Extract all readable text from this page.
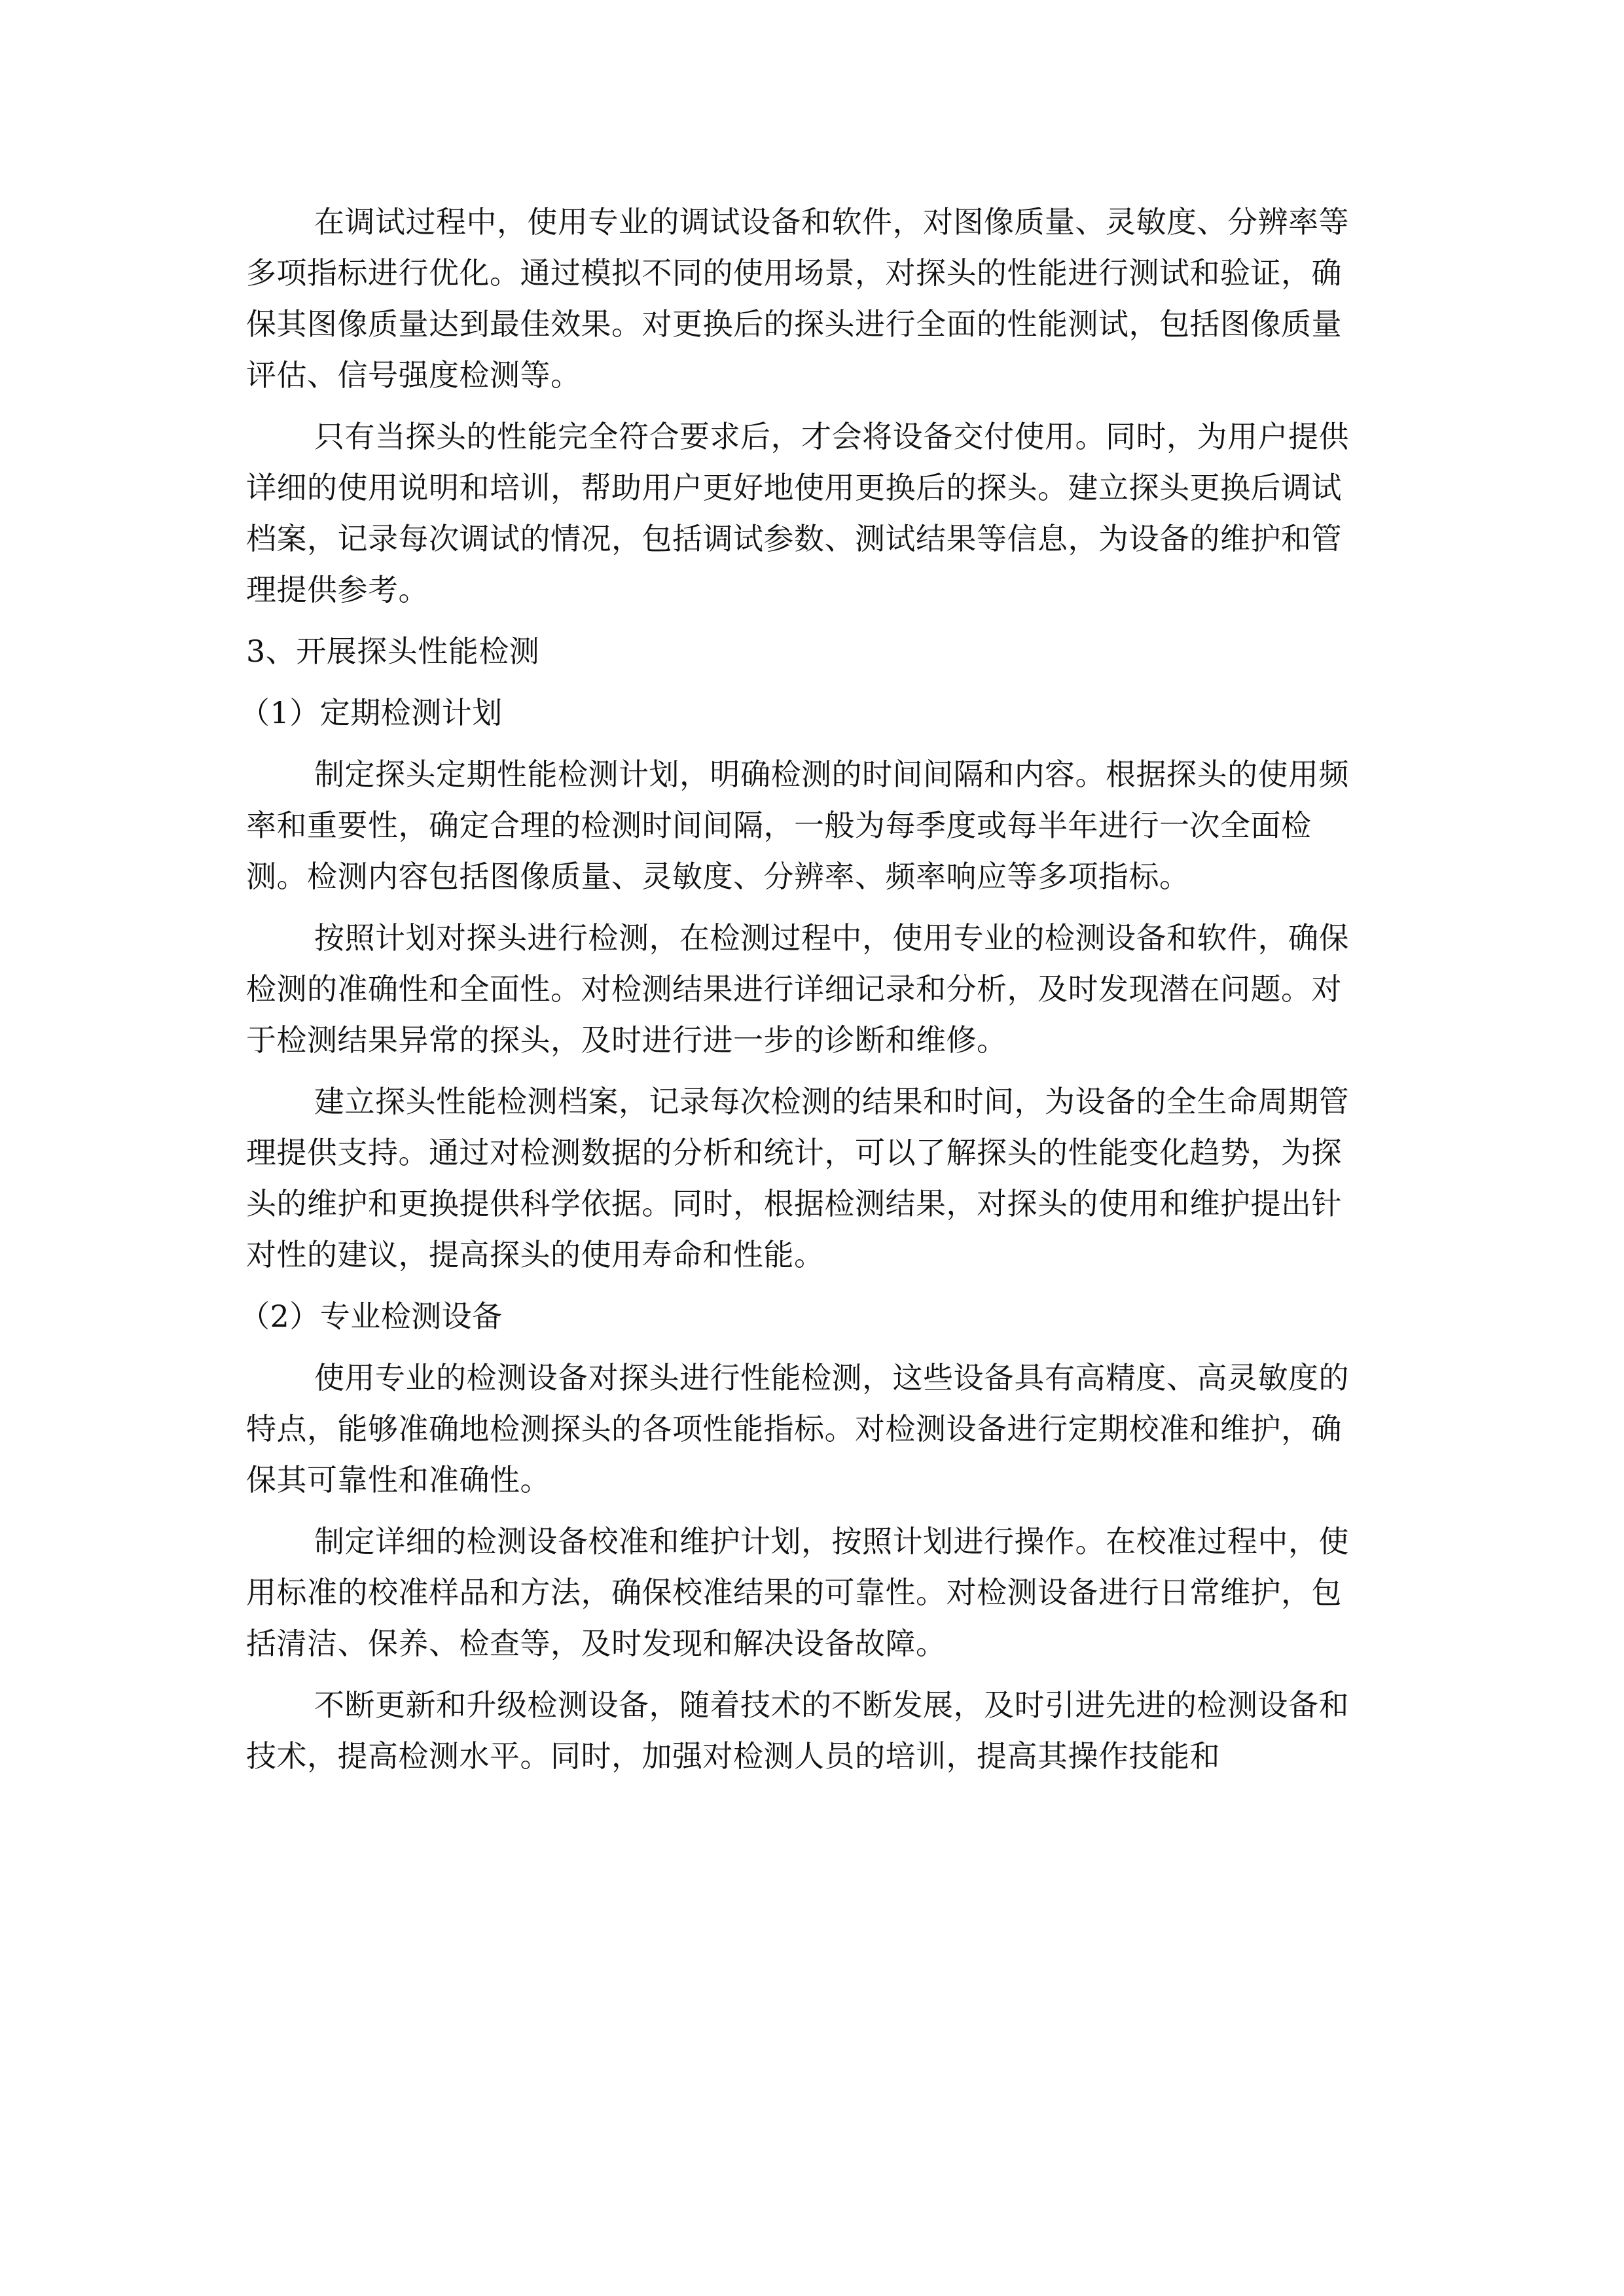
在调试过程中，使用专业的调试设备和软件，对图像质量、灵敏度、分辨率等多项指标进行优化。通过模拟不同的使用场景，对探头的性能进行测试和验证，确保其图像质量达到最佳效果。对更换后的探头进行全面的性能测试，包括图像质量评估、信号强度检测等。

只有当探头的性能完全符合要求后，才会将设备交付使用。同时，为用户提供详细的使用说明和培训，帮助用户更好地使用更换后的探头。建立探头更换后调试档案，记录每次调试的情况，包括调试参数、测试结果等信息，为设备的维护和管理提供参考。

3、开展探头性能检测

（1）定期检测计划

制定探头定期性能检测计划，明确检测的时间间隔和内容。根据探头的使用频率和重要性，确定合理的检测时间间隔，一般为每季度或每半年进行一次全面检测。检测内容包括图像质量、灵敏度、分辨率、频率响应等多项指标。

按照计划对探头进行检测，在检测过程中，使用专业的检测设备和软件，确保检测的准确性和全面性。对检测结果进行详细记录和分析，及时发现潜在问题。对于检测结果异常的探头，及时进行进一步的诊断和维修。

建立探头性能检测档案，记录每次检测的结果和时间，为设备的全生命周期管理提供支持。通过对检测数据的分析和统计，可以了解探头的性能变化趋势，为探头的维护和更换提供科学依据。同时，根据检测结果，对探头的使用和维护提出针对性的建议，提高探头的使用寿命和性能。

（2）专业检测设备

使用专业的检测设备对探头进行性能检测，这些设备具有高精度、高灵敏度的特点，能够准确地检测探头的各项性能指标。对检测设备进行定期校准和维护，确保其可靠性和准确性。

制定详细的检测设备校准和维护计划，按照计划进行操作。在校准过程中，使用标准的校准样品和方法，确保校准结果的可靠性。对检测设备进行日常维护，包括清洁、保养、检查等，及时发现和解决设备故障。

不断更新和升级检测设备，随着技术的不断发展，及时引进先进的检测设备和技术，提高检测水平。同时，加强对检测人员的培训，提高其操作技能和
